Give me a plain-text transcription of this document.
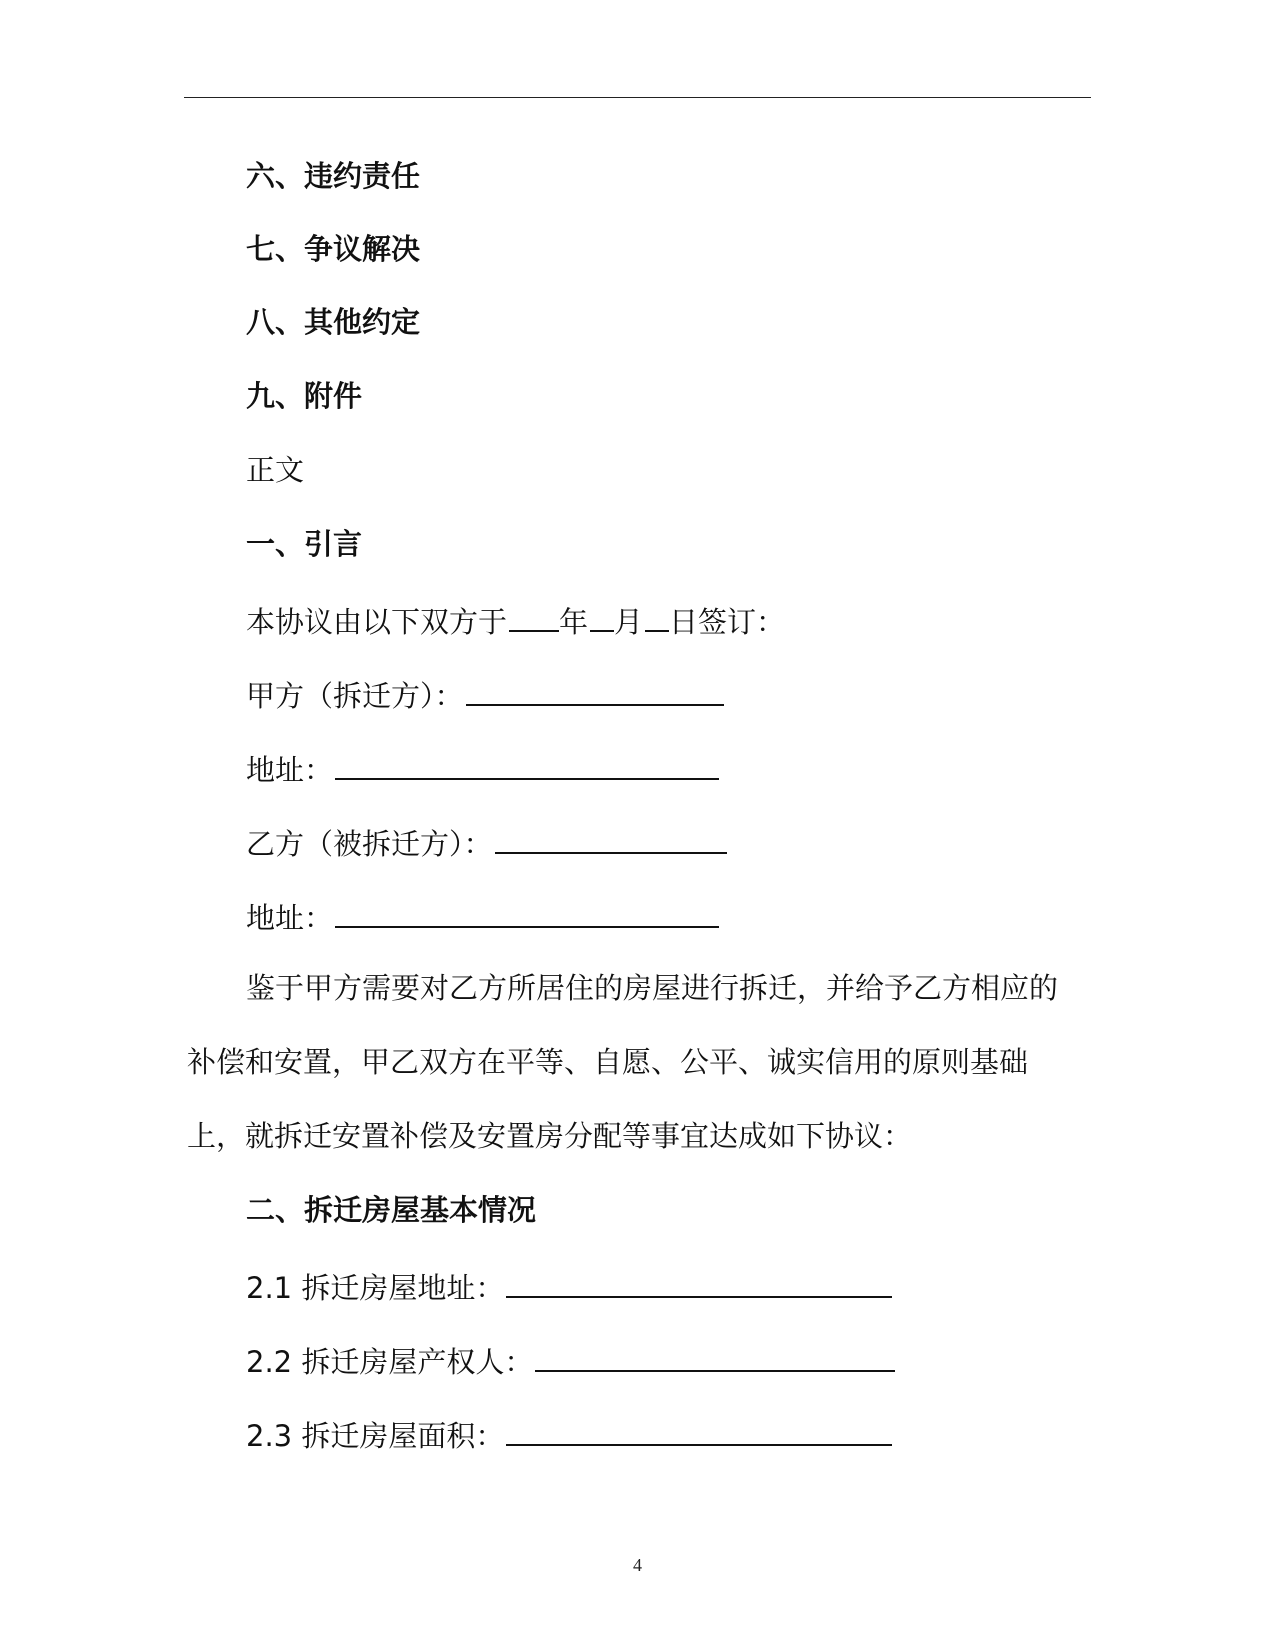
六、违约责任
七、争议解决
八、其他约定
九、附件
正文
一、引言
本协议由以下双方于 年 月 日签订：
甲方（拆迁方）：
地址：
乙方（被拆迁方）：
地址：
鉴于甲方需要对乙方所居住的房屋进行拆迁，并给予乙方相应的
补偿和安置，甲乙双方在平等、自愿、公平、诚实信用的原则基础
上，就拆迁安置补偿及安置房分配等事宜达成如下协议：
二、拆迁房屋基本情况
2.1 拆迁房屋地址：
2.2 拆迁房屋产权人：
2.3 拆迁房屋面积：
4
